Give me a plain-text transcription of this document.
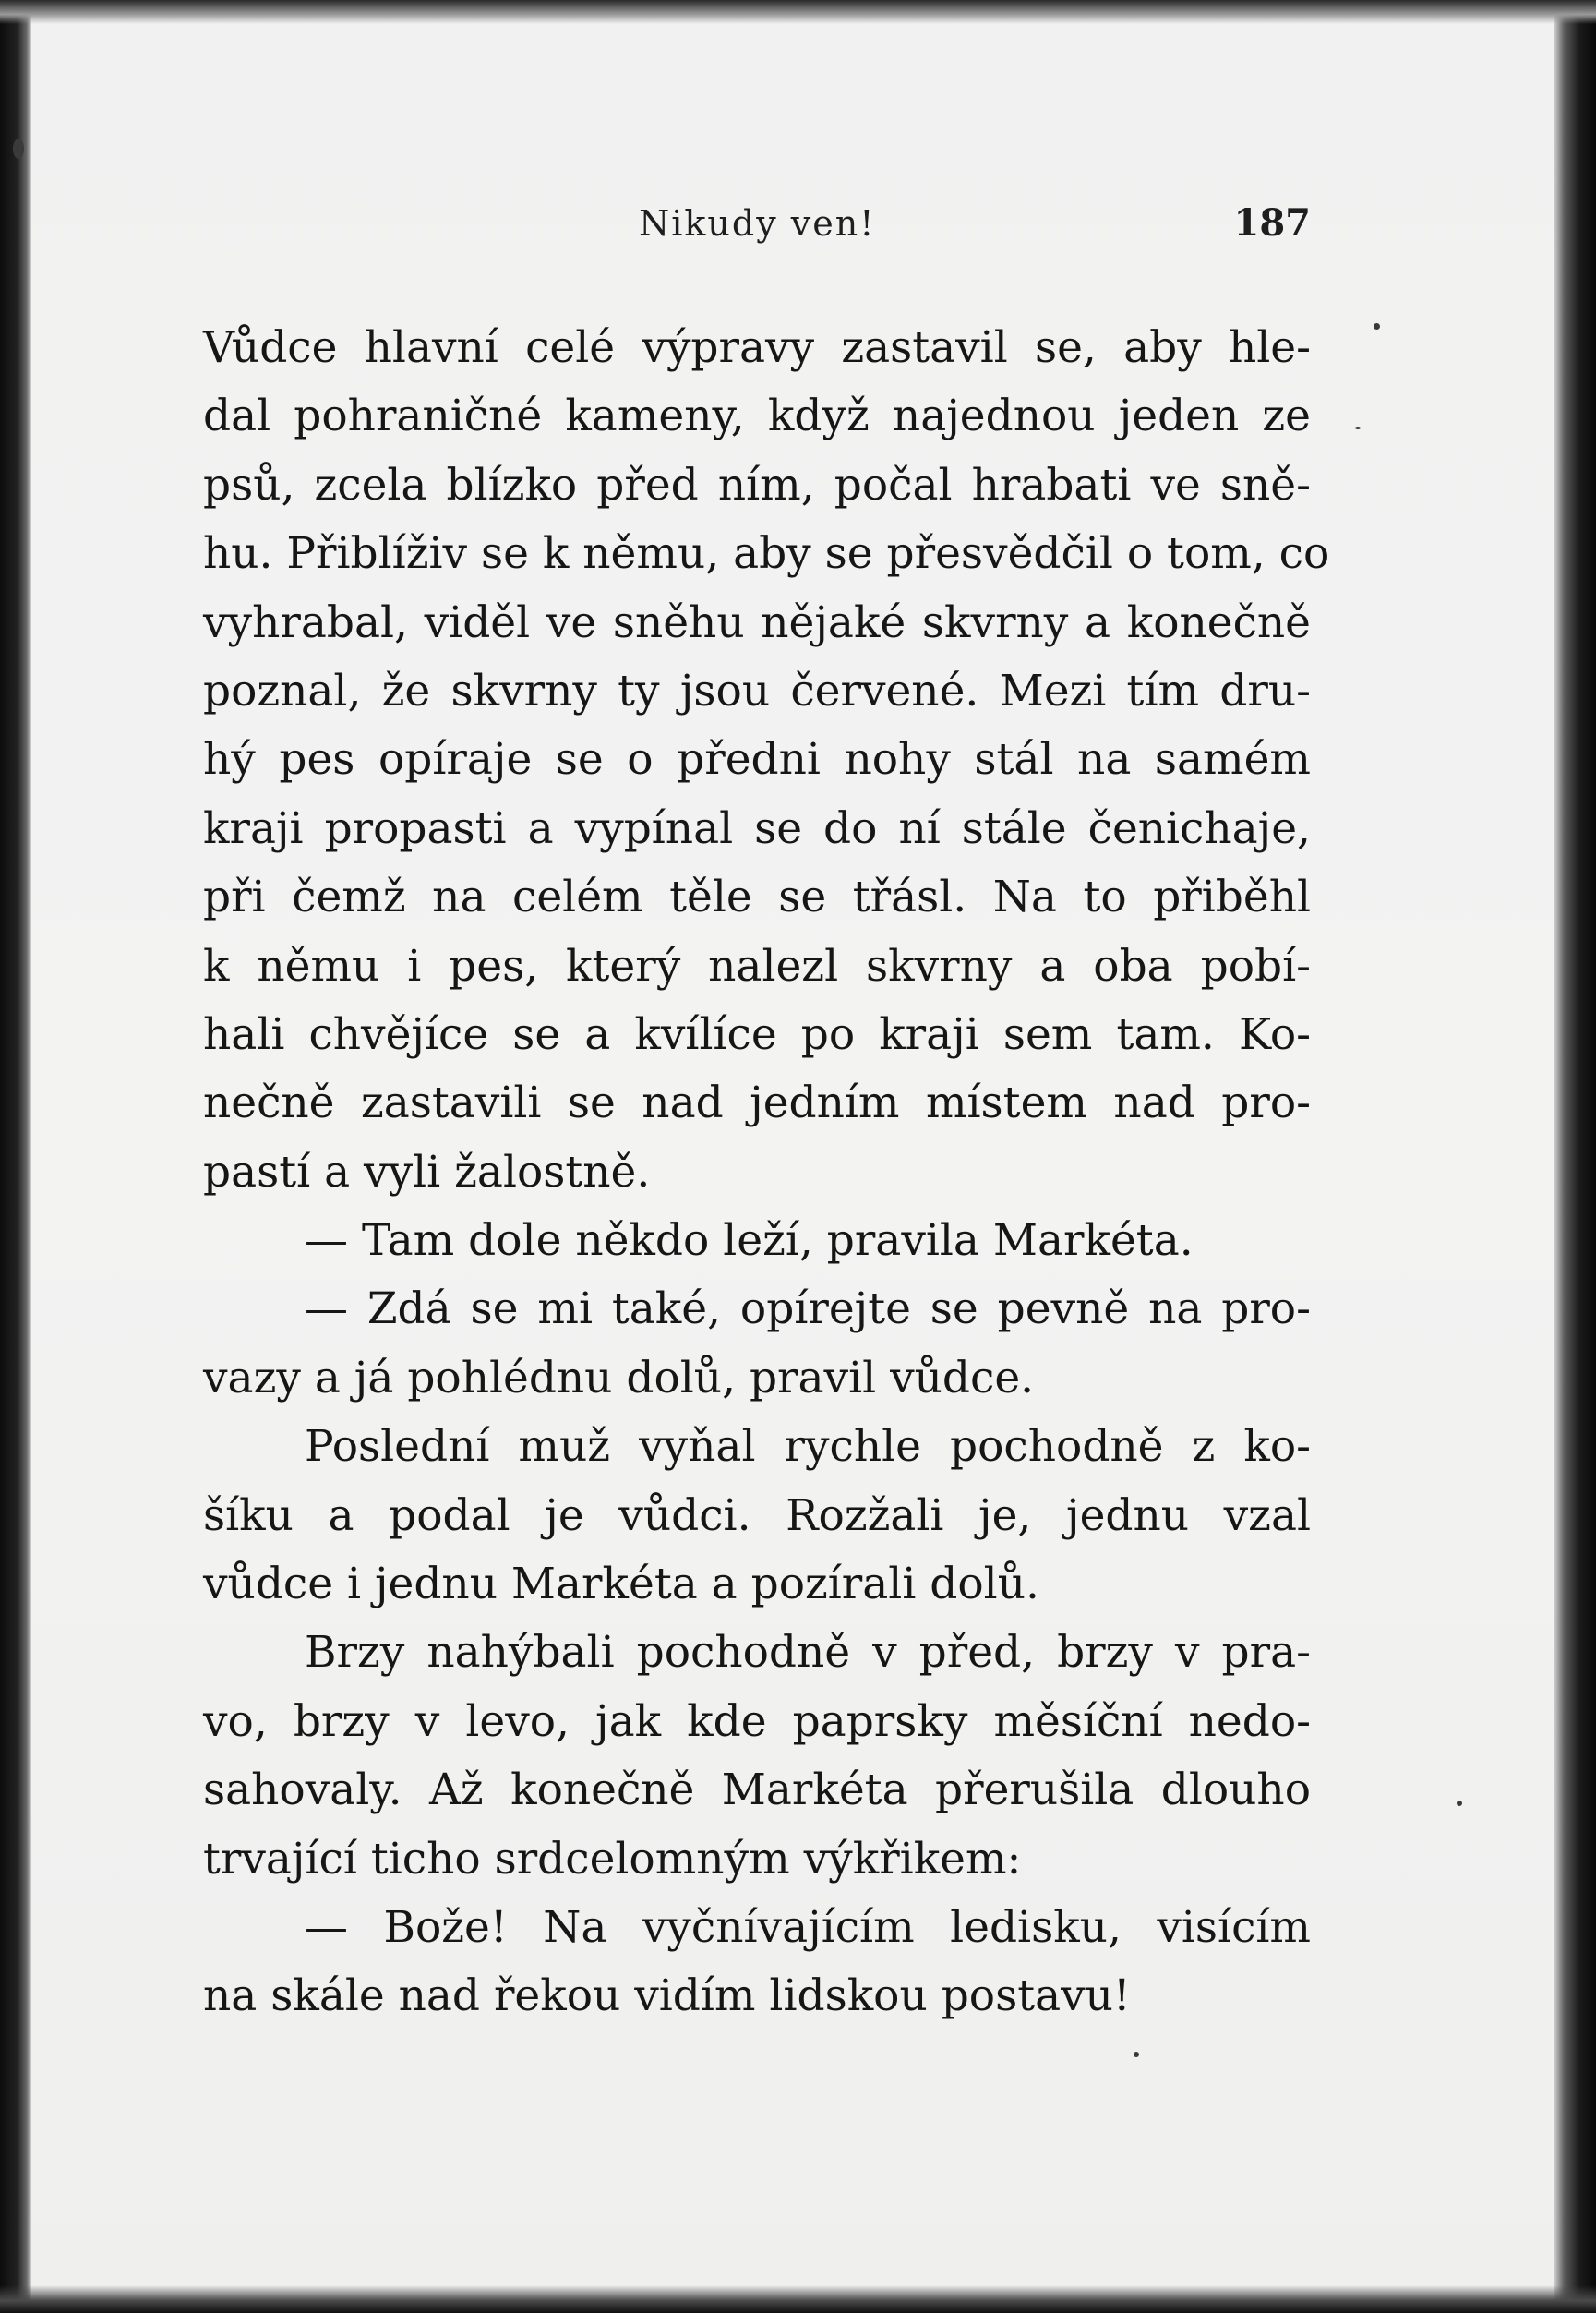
Nikudy ven!	187
Vůdce hlavní celé výpravy zastavil se, aby hle-
dal pohraničné kameny, když najednou jeden ze
psů, zcela blízko před ním, počal hrabati ve sně-
hu. Přiblíživ se k němu, aby se přesvědčil o tom, co
vyhrabal, viděl ve sněhu nějaké skvrny a konečně
poznal, že skvrny ty jsou červené. Mezi tím dru-
hý pes opíraje se o předni nohy stál na samém
kraji propasti a vypínal se do ní stále čenichaje,
při čemž na celém těle se třásl. Na to přiběhl
k němu i pes, který nalezl skvrny a oba pobí-
hali chvějíce se a kvílíce po kraji sem tam. Ko-
nečně zastavili se nad jedním místem nad pro-
pastí a vyli žalostně.
— Tam dole někdo leží, pravila Markéta.
— Zdá se mi také, opírejte se pevně na pro-
vazy a já pohlédnu dolů, pravil vůdce.
Poslední muž vyňal rychle pochodně z ko-
šíku a podal je vůdci. Rozžali je, jednu vzal
vůdce i jednu Markéta a pozírali dolů.
Brzy nahýbali pochodně v před, brzy v pra-
vo, brzy v levo, jak kde paprsky měsíční nedo-
sahovaly. Až konečně Markéta přerušila dlouho
trvající ticho srdcelomným výkřikem:
— Bože! Na vyčnívajícím ledisku, visícím
na skále nad řekou vidím lidskou postavu!
